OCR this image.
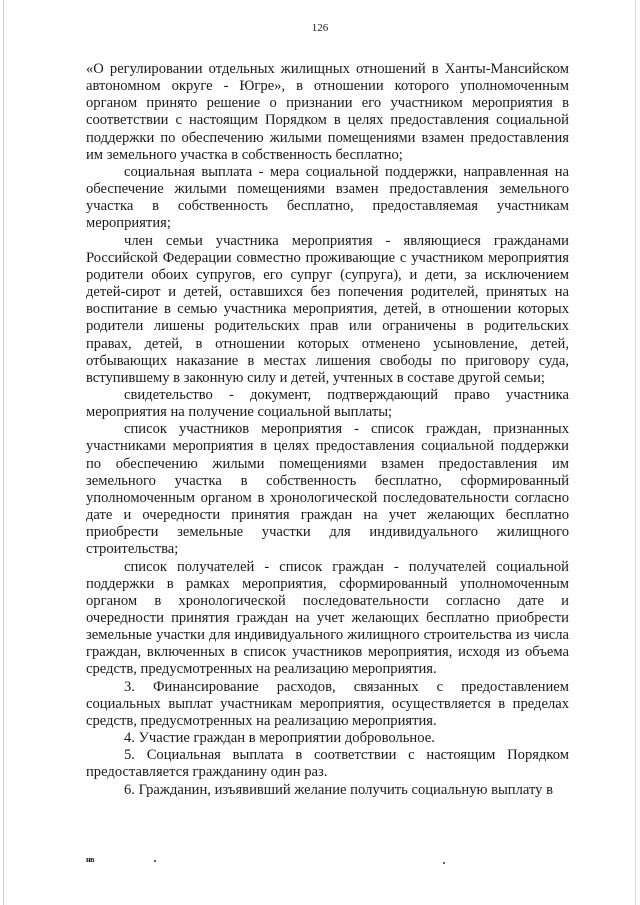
126

«О регулировании отдельных жилищных отношений в Ханты-Мансийском автономном округе - Югре», в отношении которого уполномоченным органом принято решение о признании его участником мероприятия в соответствии с настоящим Порядком в целях предоставления социальной поддержки по обеспечению жилыми помещениями взамен предоставления им земельного участка в собственность бесплатно;

социальная выплата - мера социальной поддержки, направленная на обеспечение жилыми помещениями взамен предоставления земельного участка в собственность бесплатно, предоставляемая участникам мероприятия;

член семьи участника мероприятия - являющиеся гражданами Российской Федерации совместно проживающие с участником мероприятия родители обоих супругов, его супруг (супруга), и дети, за исключением детей-сирот и детей, оставшихся без попечения родителей, принятых на воспитание в семью участника мероприятия, детей, в отношении которых родители лишены родительских прав или ограничены в родительских правах, детей, в отношении которых отменено усыновление, детей, отбывающих наказание в местах лишения свободы по приговору суда, вступившему в законную силу и детей, учтенных в составе другой семьи;

свидетельство - документ, подтверждающий право участника мероприятия на получение социальной выплаты;

список участников мероприятия - список граждан, признанных участниками мероприятия в целях предоставления социальной поддержки по обеспечению жилыми помещениями взамен предоставления им земельного участка в собственность бесплатно, сформированный уполномоченным органом в хронологической последовательности согласно дате и очередности принятия граждан на учет желающих бесплатно приобрести земельные участки для индивидуального жилищного строительства;

список получателей - список граждан - получателей социальной поддержки в рамках мероприятия, сформированный уполномоченным органом в хронологической последовательности согласно дате и очередности принятия граждан на учет желающих бесплатно приобрести земельные участки для индивидуального жилищного строительства из числа граждан, включенных в список участников мероприятия, исходя из объема средств, предусмотренных на реализацию мероприятия.

3. Финансирование расходов, связанных с предоставлением социальных выплат участникам мероприятия, осуществляется в пределах средств, предусмотренных на реализацию мероприятия.

4. Участие граждан в мероприятии добровольное.

5. Социальная выплата в соответствии с настоящим Порядком предоставляется гражданину один раз.

6. Гражданин, изъявивший желание получить социальную выплату в

нв
